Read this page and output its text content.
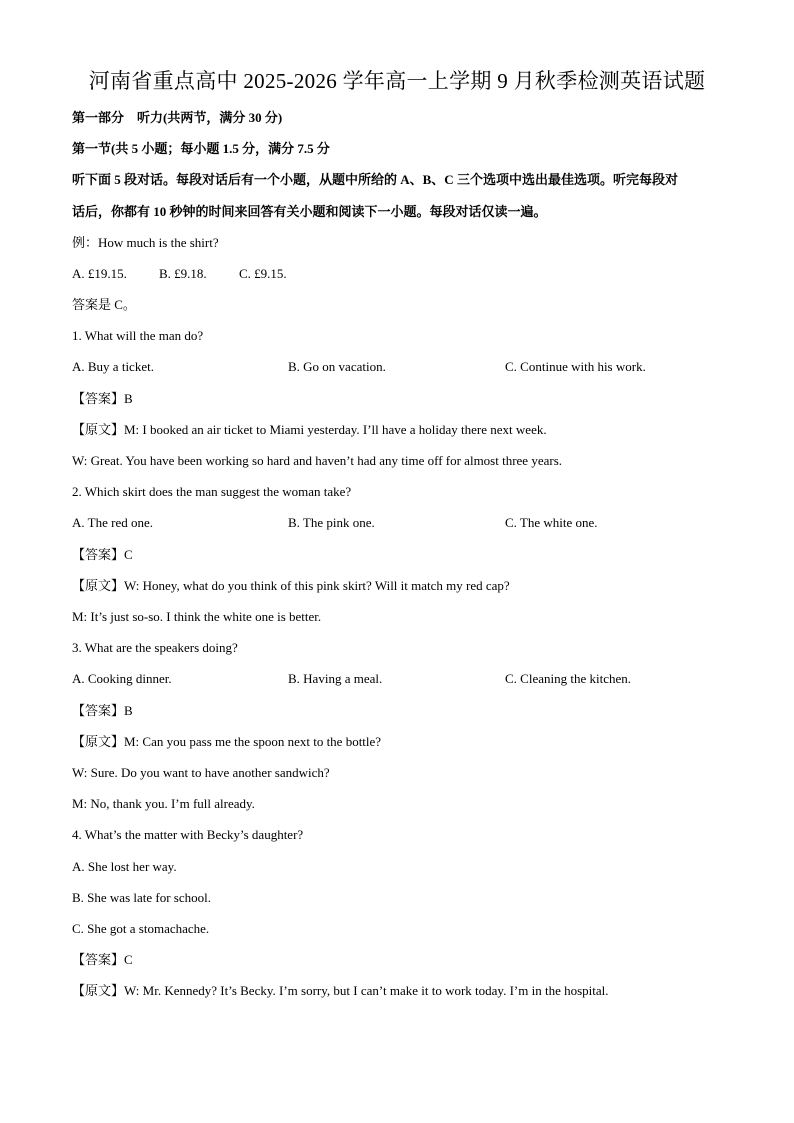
河南省重点高中 2025-2026 学年高一上学期 9 月秋季检测英语试题
第一部分　听力(共两节，满分 30 分)
第一节(共 5 小题；每小题 1.5 分，满分 7.5 分
听下面 5 段对话。每段对话后有一个小题，从题中所给的 A、B、C 三个选项中选出最佳选项。听完每段对
话后，你都有 10 秒钟的时间来回答有关小题和阅读下一小题。每段对话仅读一遍。
例：How much is the shirt?
A. £19.15. B. £9.18. C. £9.15.
答案是 C。
1. What will the man do?
A. Buy a ticket.	B. Go on vacation.	C. Continue with his work.
【答案】B
【原文】M: I booked an air ticket to Miami yesterday. I’ll have a holiday there next week.
W: Great. You have been working so hard and haven’t had any time off for almost three years.
2. Which skirt does the man suggest the woman take?
A. The red one.	B. The pink one.	C. The white one.
【答案】C
【原文】W: Honey, what do you think of this pink skirt? Will it match my red cap?
M: It’s just so-so. I think the white one is better.
3. What are the speakers doing?
A. Cooking dinner.	B. Having a meal.	C. Cleaning the kitchen.
【答案】B
【原文】M: Can you pass me the spoon next to the bottle?
W: Sure. Do you want to have another sandwich?
M: No, thank you. I’m full already.
4. What’s the matter with Becky’s daughter?
A. She lost her way.
B. She was late for school.
C. She got a stomachache.
【答案】C
【原文】W: Mr. Kennedy? It’s Becky. I’m sorry, but I can’t make it to work today. I’m in the hospital.
